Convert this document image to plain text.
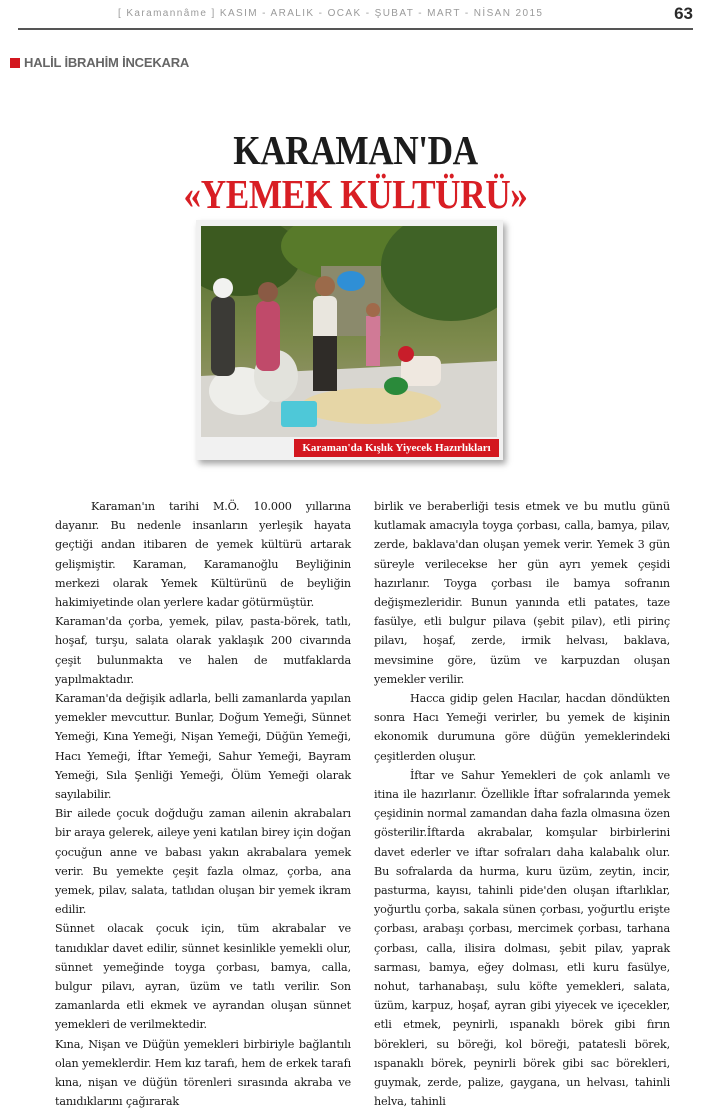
[ Karamannâme ] KASIM - ARALIK - OCAK - ŞUBAT - MART - NİSAN 2015	63
HALİL İBRAHİM İNCEKARA
KARAMAN'DA
«YEMEK KÜLTÜRÜ»
Karaman'da Kışlık Yiyecek Hazırlıkları

Karaman'ın tarihi M.Ö. 10.000 yıllarına dayanır. Bu nedenle insanların yerleşik hayata geçtiği andan itibaren de yemek kültürü artarak gelişmiştir. Karaman, Karamanoğlu Beyliğinin merkezi olarak Yemek Kültürünü de beyliğin hakimiyetinde olan yerlere kadar götürmüştür.

Karaman'da çorba, yemek, pilav, pasta-börek, tatlı, hoşaf, turşu, salata olarak yaklaşık 200 civarında çeşit bulunmakta ve halen de mutfaklarda yapılmaktadır.

Karaman'da değişik adlarla, belli zamanlarda yapılan yemekler mevcuttur. Bunlar, Doğum Yemeği, Sünnet Yemeği, Kına Yemeği, Nişan Yemeği, Düğün Yemeği, Hacı Yemeği, İftar Yemeği, Sahur Yemeği, Bayram Yemeği, Sıla Şenliği Yemeği, Ölüm Yemeği olarak sayılabilir.

Bir ailede çocuk doğduğu zaman ailenin akrabaları bir araya gelerek, aileye yeni katılan birey için doğan çocuğun anne ve babası yakın akrabalara yemek verir. Bu yemekte çeşit fazla olmaz, çorba, ana yemek, pilav, salata, tatlıdan oluşan bir yemek ikram edilir.

Sünnet olacak çocuk için, tüm akrabalar ve tanıdıklar davet edilir, sünnet kesinlikle yemekli olur, sünnet yemeğinde toyga çorbası, bamya, calla, bulgur pilavı, ayran, üzüm ve tatlı verilir. Son zamanlarda etli ekmek ve ayrandan oluşan sünnet yemekleri de verilmektedir.

Kına, Nişan ve Düğün yemekleri birbiriyle bağlantılı olan yemeklerdir. Hem kız tarafı, hem de erkek tarafı kına, nişan ve düğün törenleri sırasında akraba ve tanıdıklarını çağırarak

birlik ve beraberliği tesis etmek ve bu mutlu günü kutlamak amacıyla toyga çorbası, calla, bamya, pilav, zerde, baklava'dan oluşan yemek verir. Yemek 3 gün süreyle verilecekse her gün ayrı yemek çeşidi hazırlanır. Toyga çorbası ile bamya sofranın değişmezleridir. Bunun yanında etli patates, taze fasülye, etli bulgur pilava (şebit pilav), etli pirinç pilavı, hoşaf, zerde, irmik helvası, baklava, mevsimine göre, üzüm ve karpuzdan oluşan yemekler verilir.

Hacca gidip gelen Hacılar, hacdan döndükten sonra Hacı Yemeği verirler, bu yemek de kişinin ekonomik durumuna göre düğün yemeklerindeki çeşitlerden oluşur.

İftar ve Sahur Yemekleri de çok anlamlı ve itina ile hazırlanır. Özellikle İftar sofralarında yemek çeşidinin normal zamandan daha fazla olmasına özen gösterilir.İftarda akrabalar, komşular birbirlerini davet ederler ve iftar sofraları daha kalabalık olur. Bu sofralarda da hurma, kuru üzüm, zeytin, incir, pasturma, kayısı, tahinli pide'den oluşan iftarlıklar, yoğurtlu çorba, sakala sünen çorbası, yoğurtlu erişte çorbası, arabaşı çorbası, mercimek çorbası, tarhana çorbası, calla, ilisira dolması, şebit pilav, yaprak sarması, bamya, eğey dolması, etli kuru fasülye, nohut, tarhanabaşı, sulu köfte yemekleri, salata, üzüm, karpuz, hoşaf, ayran gibi yiyecek ve içecekler, etli etmek, peynirli, ıspanaklı börek gibi fırın börekleri, su böreği, kol böreği, patatesli börek, ıspanaklı börek, peynirli börek gibi sac börekleri, guymak, zerde, palize, gaygana, un helvası, tahinli helva, tahinli
